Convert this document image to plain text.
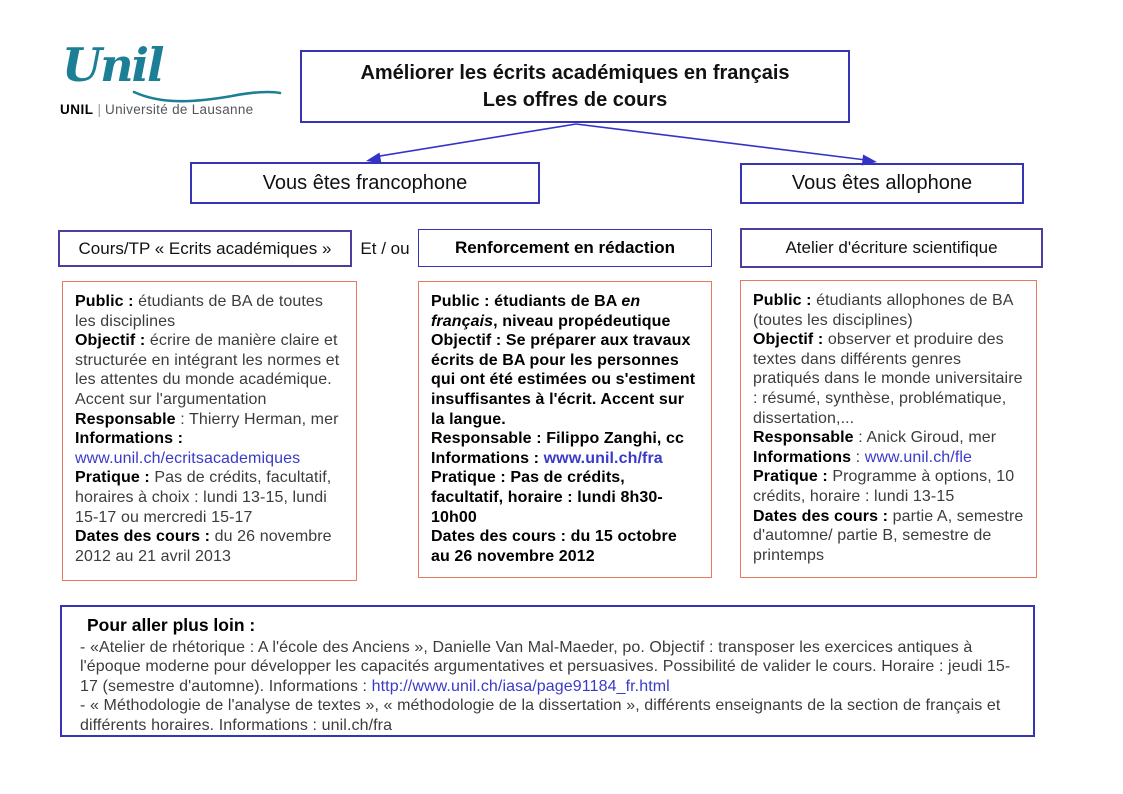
Unil
UNIL | Université de Lausanne
Améliorer les écrits académiques en français
Les offres de cours
Vous êtes francophone	Vous êtes allophone
Cours/TP « Ecrits académiques »	Et / ou	Renforcement en rédaction	Atelier d'écriture scientifique
Public : étudiants de BA de toutes les disciplines
Objectif : écrire de manière claire et structurée en intégrant les normes et les attentes du monde académique. Accent sur l'argumentation
Responsable : Thierry Herman, mer
Informations :
www.unil.ch/ecritsacademiques
Pratique : Pas de crédits, facultatif, horaires à choix : lundi 13-15, lundi 15-17 ou mercredi 15-17
Dates des cours : du 26 novembre 2012 au 21 avril 2013
Public : étudiants de BA en français, niveau propédeutique
Objectif : Se préparer aux travaux écrits de BA pour les personnes qui ont été estimées ou s'estiment insuffisantes à l'écrit. Accent sur la langue.
Responsable : Filippo Zanghi, cc
Informations : www.unil.ch/fra
Pratique : Pas de crédits, facultatif, horaire : lundi 8h30-10h00
Dates des cours : du 15 octobre au 26 novembre 2012
Public : étudiants allophones de BA (toutes les disciplines)
Objectif : observer et produire des textes dans différents genres pratiqués dans le monde universitaire : résumé, synthèse, problématique, dissertation,...
Responsable : Anick Giroud, mer
Informations : www.unil.ch/fle
Pratique : Programme à options, 10 crédits, horaire : lundi 13-15
Dates des cours : partie A, semestre d'automne/ partie B, semestre de printemps
Pour aller plus loin :
- «Atelier de rhétorique : A l'école des Anciens », Danielle Van Mal-Maeder, po. Objectif : transposer les exercices antiques à l'époque moderne pour développer les capacités argumentatives et persuasives. Possibilité de valider le cours. Horaire : jeudi 15-17 (semestre d'automne). Informations : http://www.unil.ch/iasa/page91184_fr.html
- « Méthodologie de l'analyse de textes », « méthodologie de la dissertation », différents enseignants de la section de français et différents horaires. Informations : unil.ch/fra
